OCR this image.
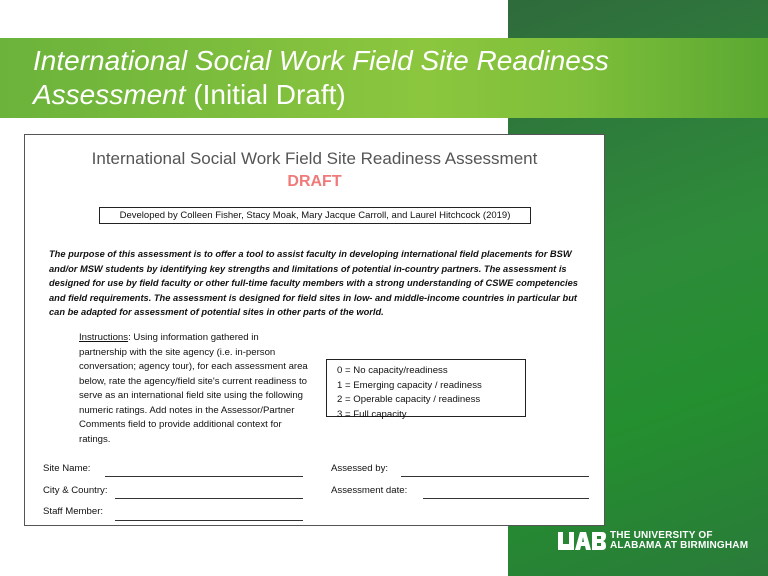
International Social Work Field Site Readiness Assessment (Initial Draft)
International Social Work Field Site Readiness Assessment
DRAFT
Developed by Colleen Fisher, Stacy Moak, Mary Jacque Carroll, and Laurel Hitchcock (2019)
The purpose of this assessment is to offer a tool to assist faculty in developing international field placements for BSW and/or MSW students by identifying key strengths and limitations of potential in-country partners. The assessment is designed for use by field faculty or other full-time faculty members with a strong understanding of CSWE competencies and field requirements. The assessment is designed for field sites in low- and middle-income countries in particular but can be adapted for assessment of potential sites in other parts of the world.
Instructions: Using information gathered in partnership with the site agency (i.e. in-person conversation; agency tour), for each assessment area below, rate the agency/field site's current readiness to serve as an international field site using the following numeric ratings. Add notes in the Assessor/Partner Comments field to provide additional context for ratings.
0 = No capacity/readiness
1 = Emerging capacity / readiness
2 = Operable capacity / readiness
3 = Full capacity
Site Name:
City & Country:
Staff Member:
Assessed by:
Assessment date:
THE UNIVERSITY OF
ALABAMA AT BIRMINGHAM
